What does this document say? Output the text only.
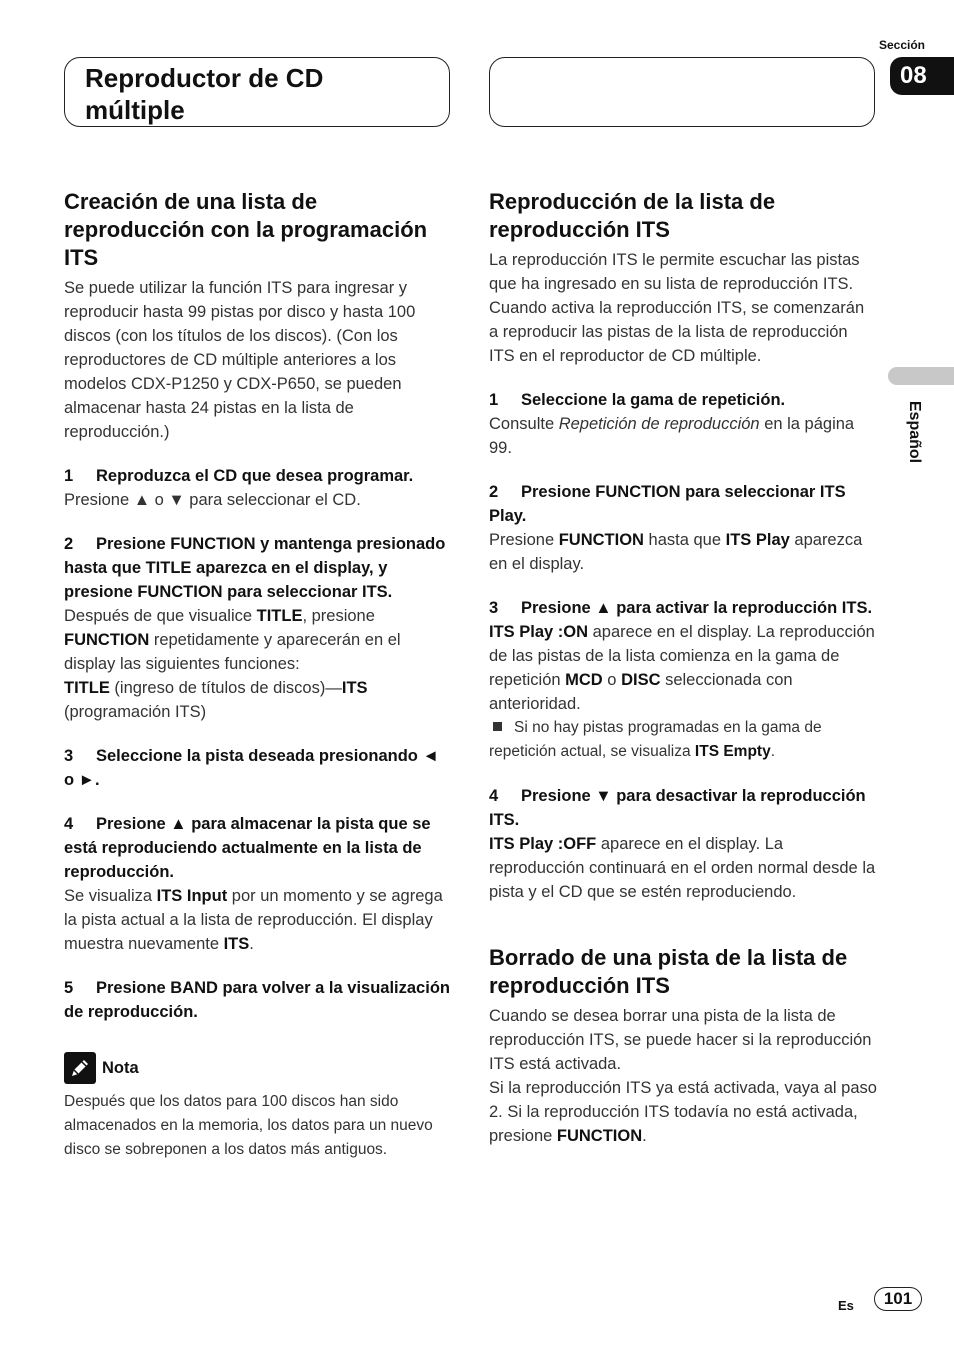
Reproductor de CD
múltiple
Sección
08
Español
Creación de una lista de reproducción con la programación ITS

Se puede utilizar la función ITS para ingresar y reproducir hasta 99 pistas por disco y hasta 100 discos (con los títulos de los discos). (Con los reproductores de CD múltiple anteriores a los modelos CDX-P1250 y CDX-P650, se pueden almacenar hasta 24 pistas en la lista de reproducción.)

1 Reproduzca el CD que desea programar.

Presione ▲ o ▼ para seleccionar el CD.

2 Presione FUNCTION y mantenga presionado hasta que TITLE aparezca en el display, y presione FUNCTION para seleccionar ITS.

Después de que visualice TITLE, presione FUNCTION repetidamente y aparecerán en el display las siguientes funciones:
TITLE (ingreso de títulos de discos)—ITS (programación ITS)

3 Seleccione la pista deseada presionando ◄ o ►.
4 Presione ▲ para almacenar la pista que se está reproduciendo actualmente en la lista de reproducción.

Se visualiza ITS Input por un momento y se agrega la pista actual a la lista de reproducción. El display muestra nuevamente ITS.

5 Presione BAND para volver a la visualización de reproducción.
Nota

Después que los datos para 100 discos han sido almacenados en la memoria, los datos para un nuevo disco se sobreponen a los datos más antiguos.

Reproducción de la lista de reproducción ITS

La reproducción ITS le permite escuchar las pistas que ha ingresado en su lista de reproducción ITS. Cuando activa la reproducción ITS, se comenzarán a reproducir las pistas de la lista de reproducción ITS en el reproductor de CD múltiple.

1 Seleccione la gama de repetición.

Consulte Repetición de reproducción en la página 99.

2 Presione FUNCTION para seleccionar ITS Play.

Presione FUNCTION hasta que ITS Play aparezca en el display.

3 Presione ▲ para activar la reproducción ITS.

ITS Play :ON aparece en el display. La reproducción de las pistas de la lista comienza en la gama de repetición MCD o DISC seleccionada con anterioridad.

Si no hay pistas programadas en la gama de repetición actual, se visualiza ITS Empty.

4 Presione ▼ para desactivar la reproducción ITS.

ITS Play :OFF aparece en el display. La reproducción continuará en el orden normal desde la pista y el CD que se estén reproduciendo.

Borrado de una pista de la lista de reproducción ITS

Cuando se desea borrar una pista de la lista de reproducción ITS, se puede hacer si la reproducción ITS está activada.

Si la reproducción ITS ya está activada, vaya al paso 2. Si la reproducción ITS todavía no está activada, presione FUNCTION.

Es	101
